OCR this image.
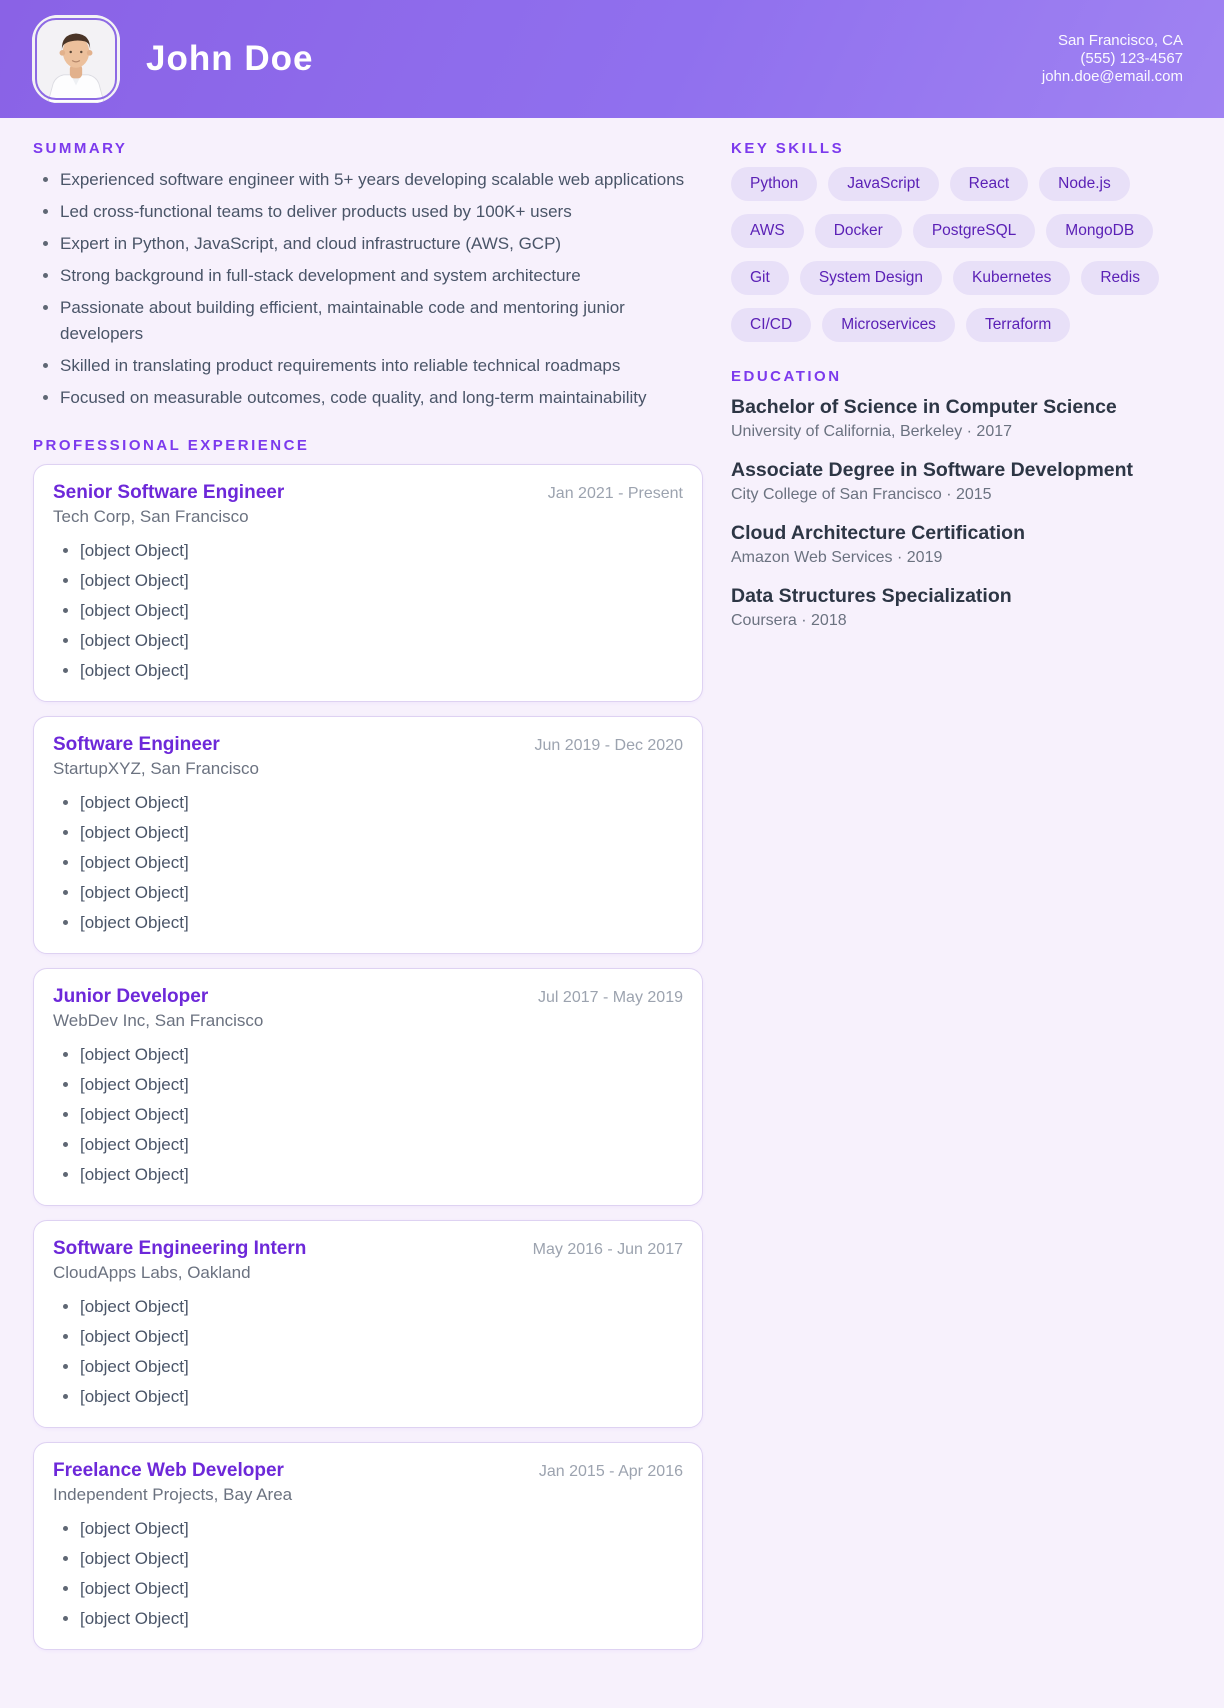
John Doe	San Francisco, CA
(555) 123-4567
john.doe@email.com
SUMMARY
Experienced software engineer with 5+ years developing scalable web applications
Led cross-functional teams to deliver products used by 100K+ users
Expert in Python, JavaScript, and cloud infrastructure (AWS, GCP)
Strong background in full-stack development and system architecture
Passionate about building efficient, maintainable code and mentoring junior developers
Skilled in translating product requirements into reliable technical roadmaps
Focused on measurable outcomes, code quality, and long-term maintainability
PROFESSIONAL EXPERIENCE
Senior Software Engineer	Jan 2021 - Present
Tech Corp, San Francisco
[object Object]
[object Object]
[object Object]
[object Object]
[object Object]
Software Engineer	Jun 2019 - Dec 2020
StartupXYZ, San Francisco
[object Object]
[object Object]
[object Object]
[object Object]
[object Object]
Junior Developer	Jul 2017 - May 2019
WebDev Inc, San Francisco
[object Object]
[object Object]
[object Object]
[object Object]
[object Object]
Software Engineering Intern	May 2016 - Jun 2017
CloudApps Labs, Oakland
[object Object]
[object Object]
[object Object]
[object Object]
Freelance Web Developer	Jan 2015 - Apr 2016
Independent Projects, Bay Area
[object Object]
[object Object]
[object Object]
[object Object]
KEY SKILLS
Python	JavaScript	React	Node.js
AWS	Docker	PostgreSQL	MongoDB
Git	System Design	Kubernetes	Redis
CI/CD	Microservices	Terraform
EDUCATION
Bachelor of Science in Computer Science
University of California, Berkeley · 2017
Associate Degree in Software Development
City College of San Francisco · 2015
Cloud Architecture Certification
Amazon Web Services · 2019
Data Structures Specialization
Coursera · 2018
